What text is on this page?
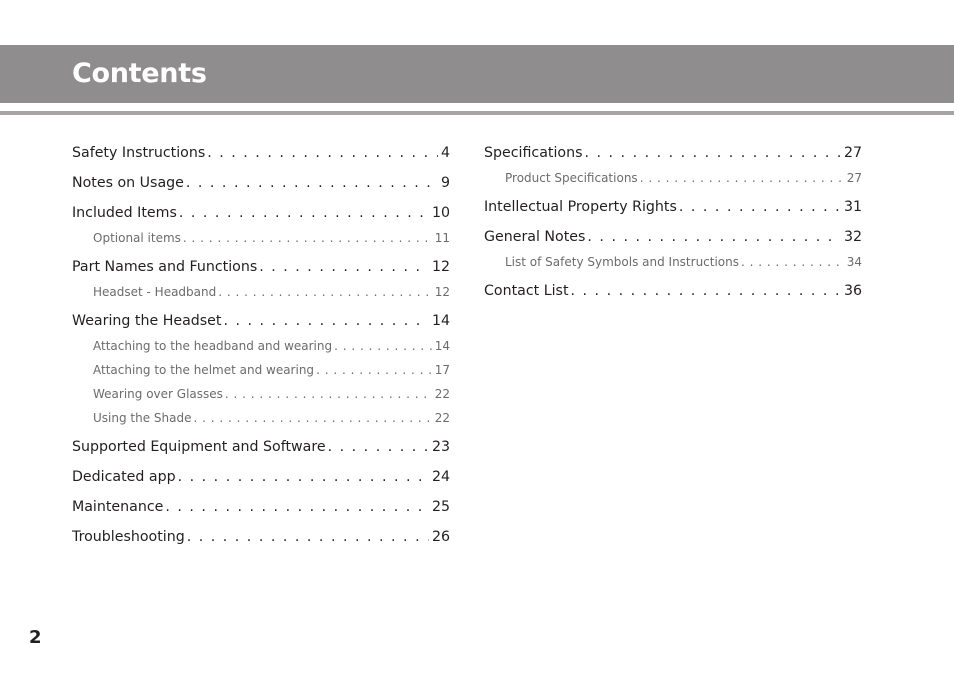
Contents
Safety Instructions . . .	4
Notes on Usage . . .	9
Included Items . . .	10
Optional items . . .	11
Part Names and Functions . . .	12
Headset - Headband . . .	12
Wearing the Headset . . .	14
Attaching to the headband and wearing . . .	14
Attaching to the helmet and wearing . . .	17
Wearing over Glasses . . .	22
Using the Shade . . .	22
Supported Equipment and Software . . .	23
Dedicated app . . .	24
Maintenance . . .	25
Troubleshooting . . .	26
Specifications . . .	27
Product Specifications . . .	27
Intellectual Property Rights . . .	31
General Notes . . .	32
List of Safety Symbols and Instructions . . .	34
Contact List . . .	36
2
